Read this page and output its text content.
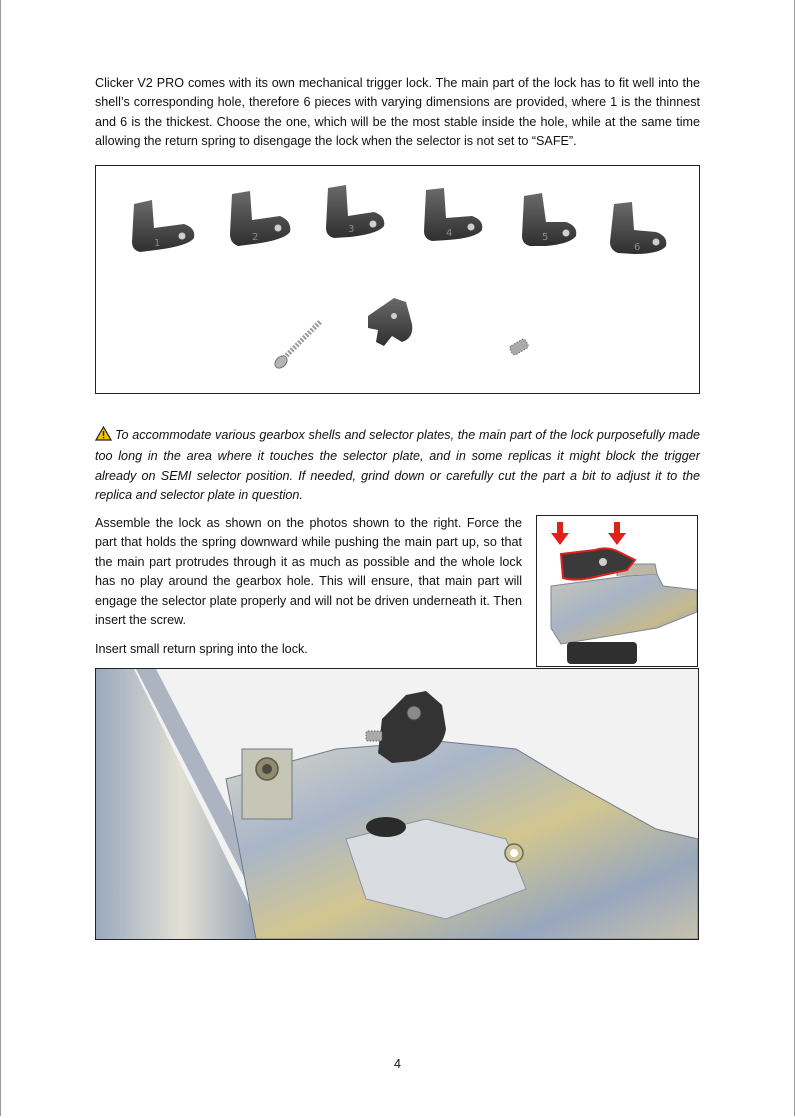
Clicker V2 PRO comes with its own mechanical trigger lock. The main part of the lock has to fit well into the shell’s corresponding hole, therefore 6 pieces with varying dimensions are provided, where 1 is the thinnest and 6 is the thickest. Choose the one, which will be the most stable inside the hole, while at the same time allowing the return spring to disengage the lock when the selector is not set to “SAFE”.

1
2
3	4	5
6

To accommodate various gearbox shells and selector plates, the main part of the lock purposefully made too long in the area where it touches the selector plate, and in some replicas it might block the trigger already on SEMI selector position. If needed, grind down or carefully cut the part a bit to adjust it to the replica and selector plate in question.

Assemble the lock as shown on the photos shown to the right. Force the part that holds the spring downward while pushing the main part up, so that the main part protrudes through it as much as possible and the whole lock has no play around the gearbox hole. This will ensure, that main part will engage the selector plate properly and will not be driven underneath it. Then insert the screw.

Insert small return spring into the lock.

4
